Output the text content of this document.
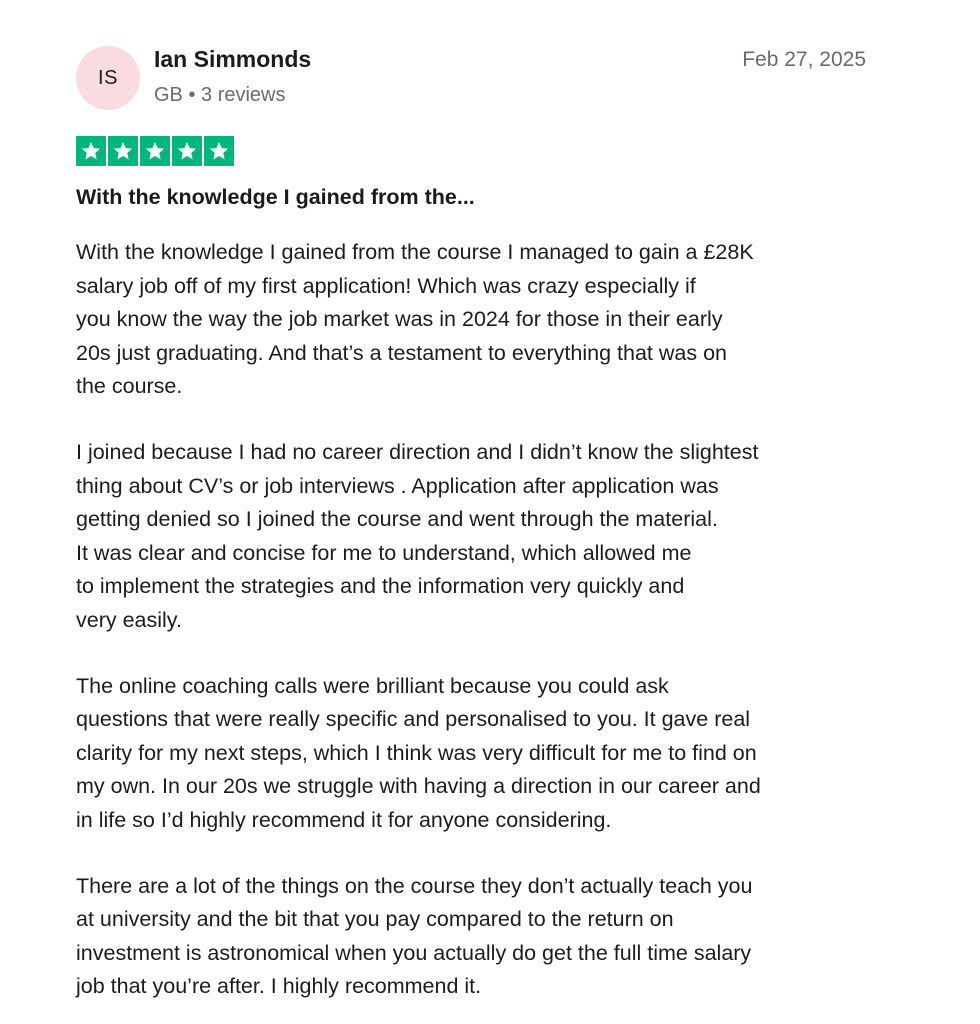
IS
Ian Simmonds
GB • 3 reviews
Feb 27, 2025
With the knowledge I gained from the...

With the knowledge I gained from the course I managed to gain a £28K
salary job off of my first application! Which was crazy especially if
you know the way the job market was in 2024 for those in their early
20s just graduating. And that’s a testament to everything that was on
the course.

I joined because I had no career direction and I didn’t know the slightest
thing about CV’s or job interviews . Application after application was
getting denied so I joined the course and went through the material.
It was clear and concise for me to understand, which allowed me
to implement the strategies and the information very quickly and
very easily.

The online coaching calls were brilliant because you could ask
questions that were really specific and personalised to you. It gave real
clarity for my next steps, which I think was very difficult for me to find on
my own. In our 20s we struggle with having a direction in our career and
in life so I’d highly recommend it for anyone considering.

There are a lot of the things on the course they don’t actually teach you
at university and the bit that you pay compared to the return on
investment is astronomical when you actually do get the full time salary
job that you’re after. I highly recommend it.
